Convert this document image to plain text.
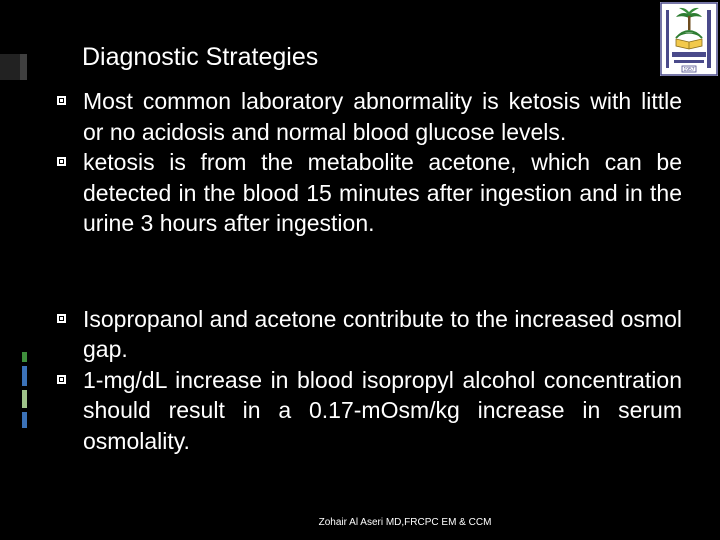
Diagnostic Strategies	1957
Most common laboratory abnormality is ketosis with little or no acidosis and normal blood glucose levels.
ketosis is from the metabolite acetone, which can be detected in the blood 15 minutes after ingestion and in the urine 3 hours after ingestion.
Isopropanol and acetone contribute to the increased osmol gap.
1-mg/dL increase in blood isopropyl alcohol concentration should result in a 0.17-mOsm/kg increase in serum osmolality.
Zohair Al Aseri MD,FRCPC EM & CCM
